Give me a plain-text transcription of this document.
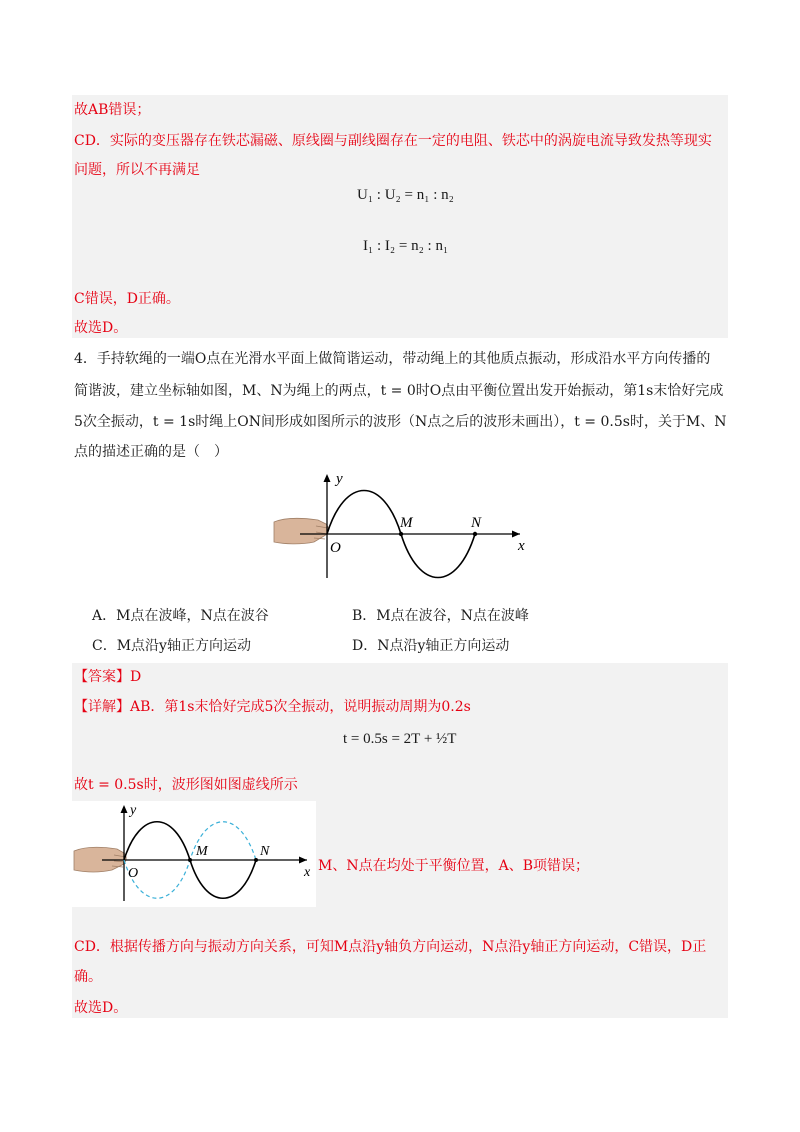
故AB错误；
CD．实际的变压器存在铁芯漏磁、原线圈与副线圈存在一定的电阻、铁芯中的涡旋电流导致发热等现实
问题，所以不再满足
U₁ : U₂ = n₁ : n₂
I₁ : I₂ = n₂ : n₁
C错误，D正确。
故选D。
4．手持软绳的一端O点在光滑水平面上做简谐运动，带动绳上的其他质点振动，形成沿水平方向传播的
简谐波，建立坐标轴如图，M、N为绳上的两点，t = 0时O点由平衡位置出发开始振动，第1s末恰好完成
5次全振动，t = 1s时绳上ON间形成如图所示的波形（N点之后的波形未画出），t = 0.5s时，关于M、N
点的描述正确的是（　）
y
x
O
M	N
A．M点在波峰，N点在波谷	B．M点在波谷，N点在波峰
C．M点沿y轴正方向运动	D．N点沿y轴正方向运动
【答案】D
【详解】AB．第1s末恰好完成5次全振动，说明振动周期为0.2s
t = 0.5s = 2T + ½T
故t = 0.5s时，波形图如图虚线所示
y
x
O
M	N
M、N点在均处于平衡位置，A、B项错误；
CD．根据传播方向与振动方向关系，可知M点沿y轴负方向运动，N点沿y轴正方向运动，C错误，D正
确。
故选D。
